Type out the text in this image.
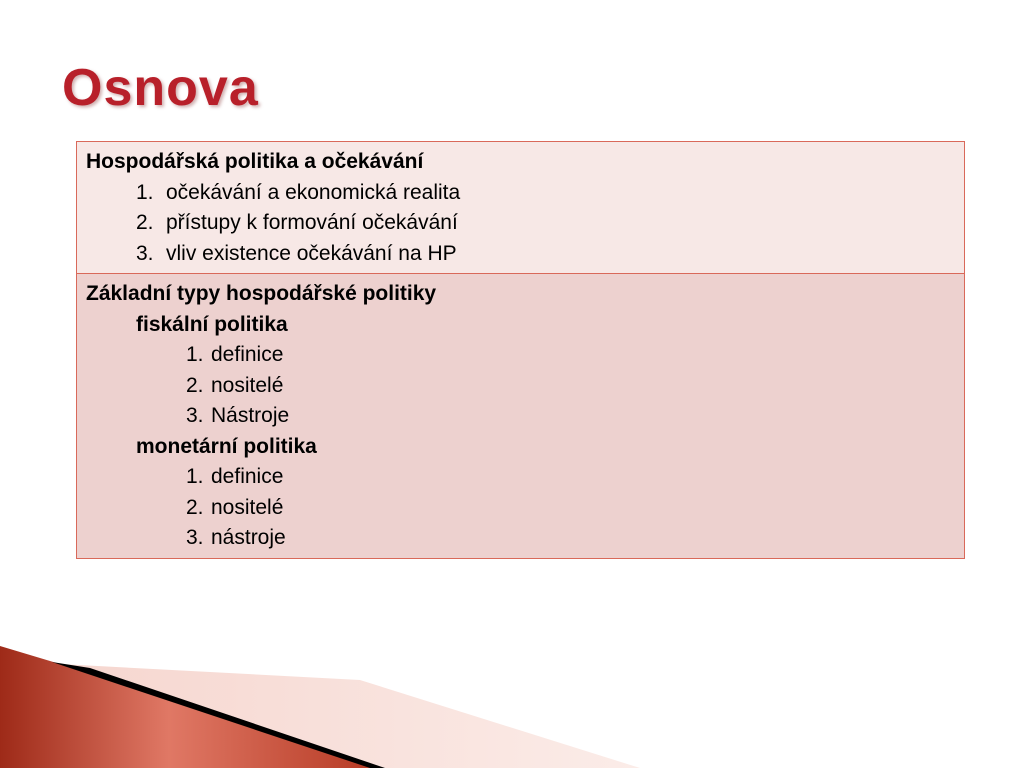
Osnova
Hospodářská politika a očekávání
1. očekávání a ekonomická realita
2. přístupy k formování očekávání
3. vliv existence očekávání na HP

Základní typy hospodářské politiky
fiskální politika
1. definice
2. nositelé
3. Nástroje
monetární politika
1. definice
2. nositelé
3. nástroje
